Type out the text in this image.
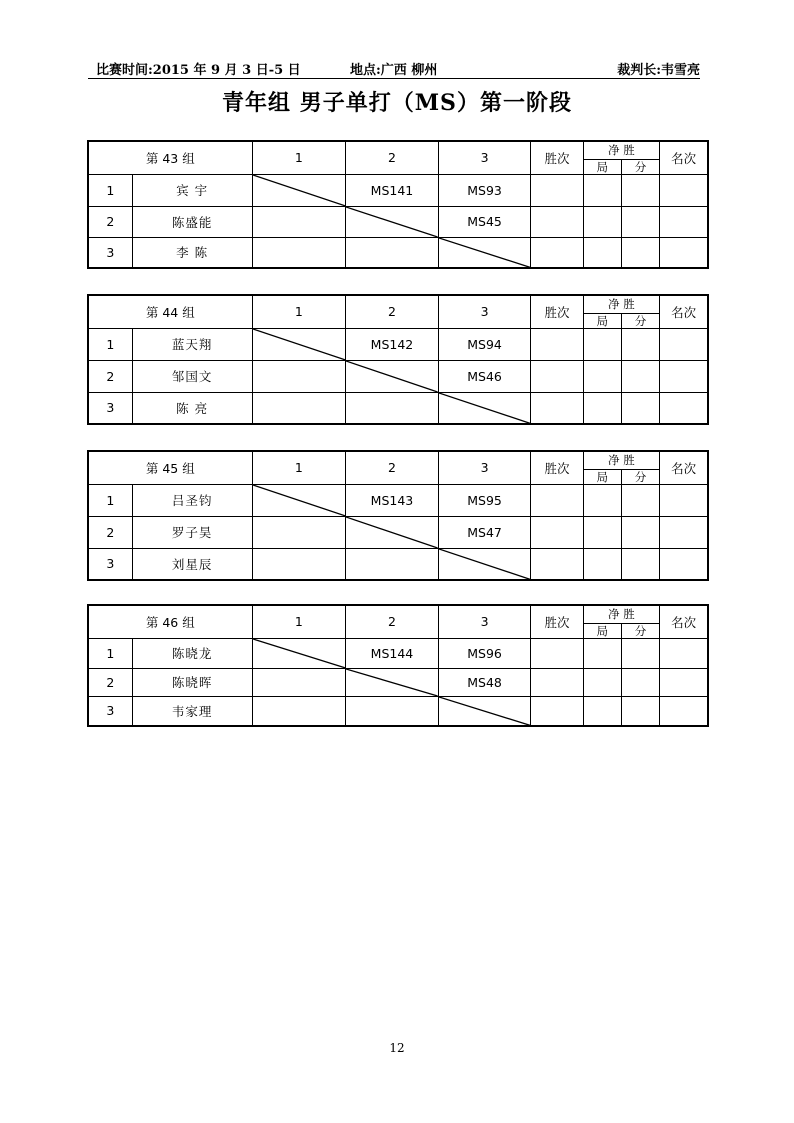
比赛时间:2015 年 9 月 3 日-5 日	地点:广西 柳州	裁判长:韦雪亮
青年组 男子单打（MS）第一阶段
第 43 组		1	2	3	胜次	净 胜		名次
						局	分	
1	宾 宇		MS141	MS93				
2	陈盛能			MS45				
3	李 陈			

第 44 组		1	2	3	胜次	净 胜		名次
						局	分	
1	蓝天翔		MS142	MS94				
2	邹国文			MS46				
3	陈 亮			

第 45 组		1	2	3	胜次	净 胜		名次
						局	分	
1	吕圣钧		MS143	MS95				
2	罗子昊			MS47				
3	刘星辰			

第 46 组		1	2	3	胜次	净 胜		名次
						局	分	
1	陈晓龙		MS144	MS96				
2	陈晓晖			MS48				
3	韦家理			

12
